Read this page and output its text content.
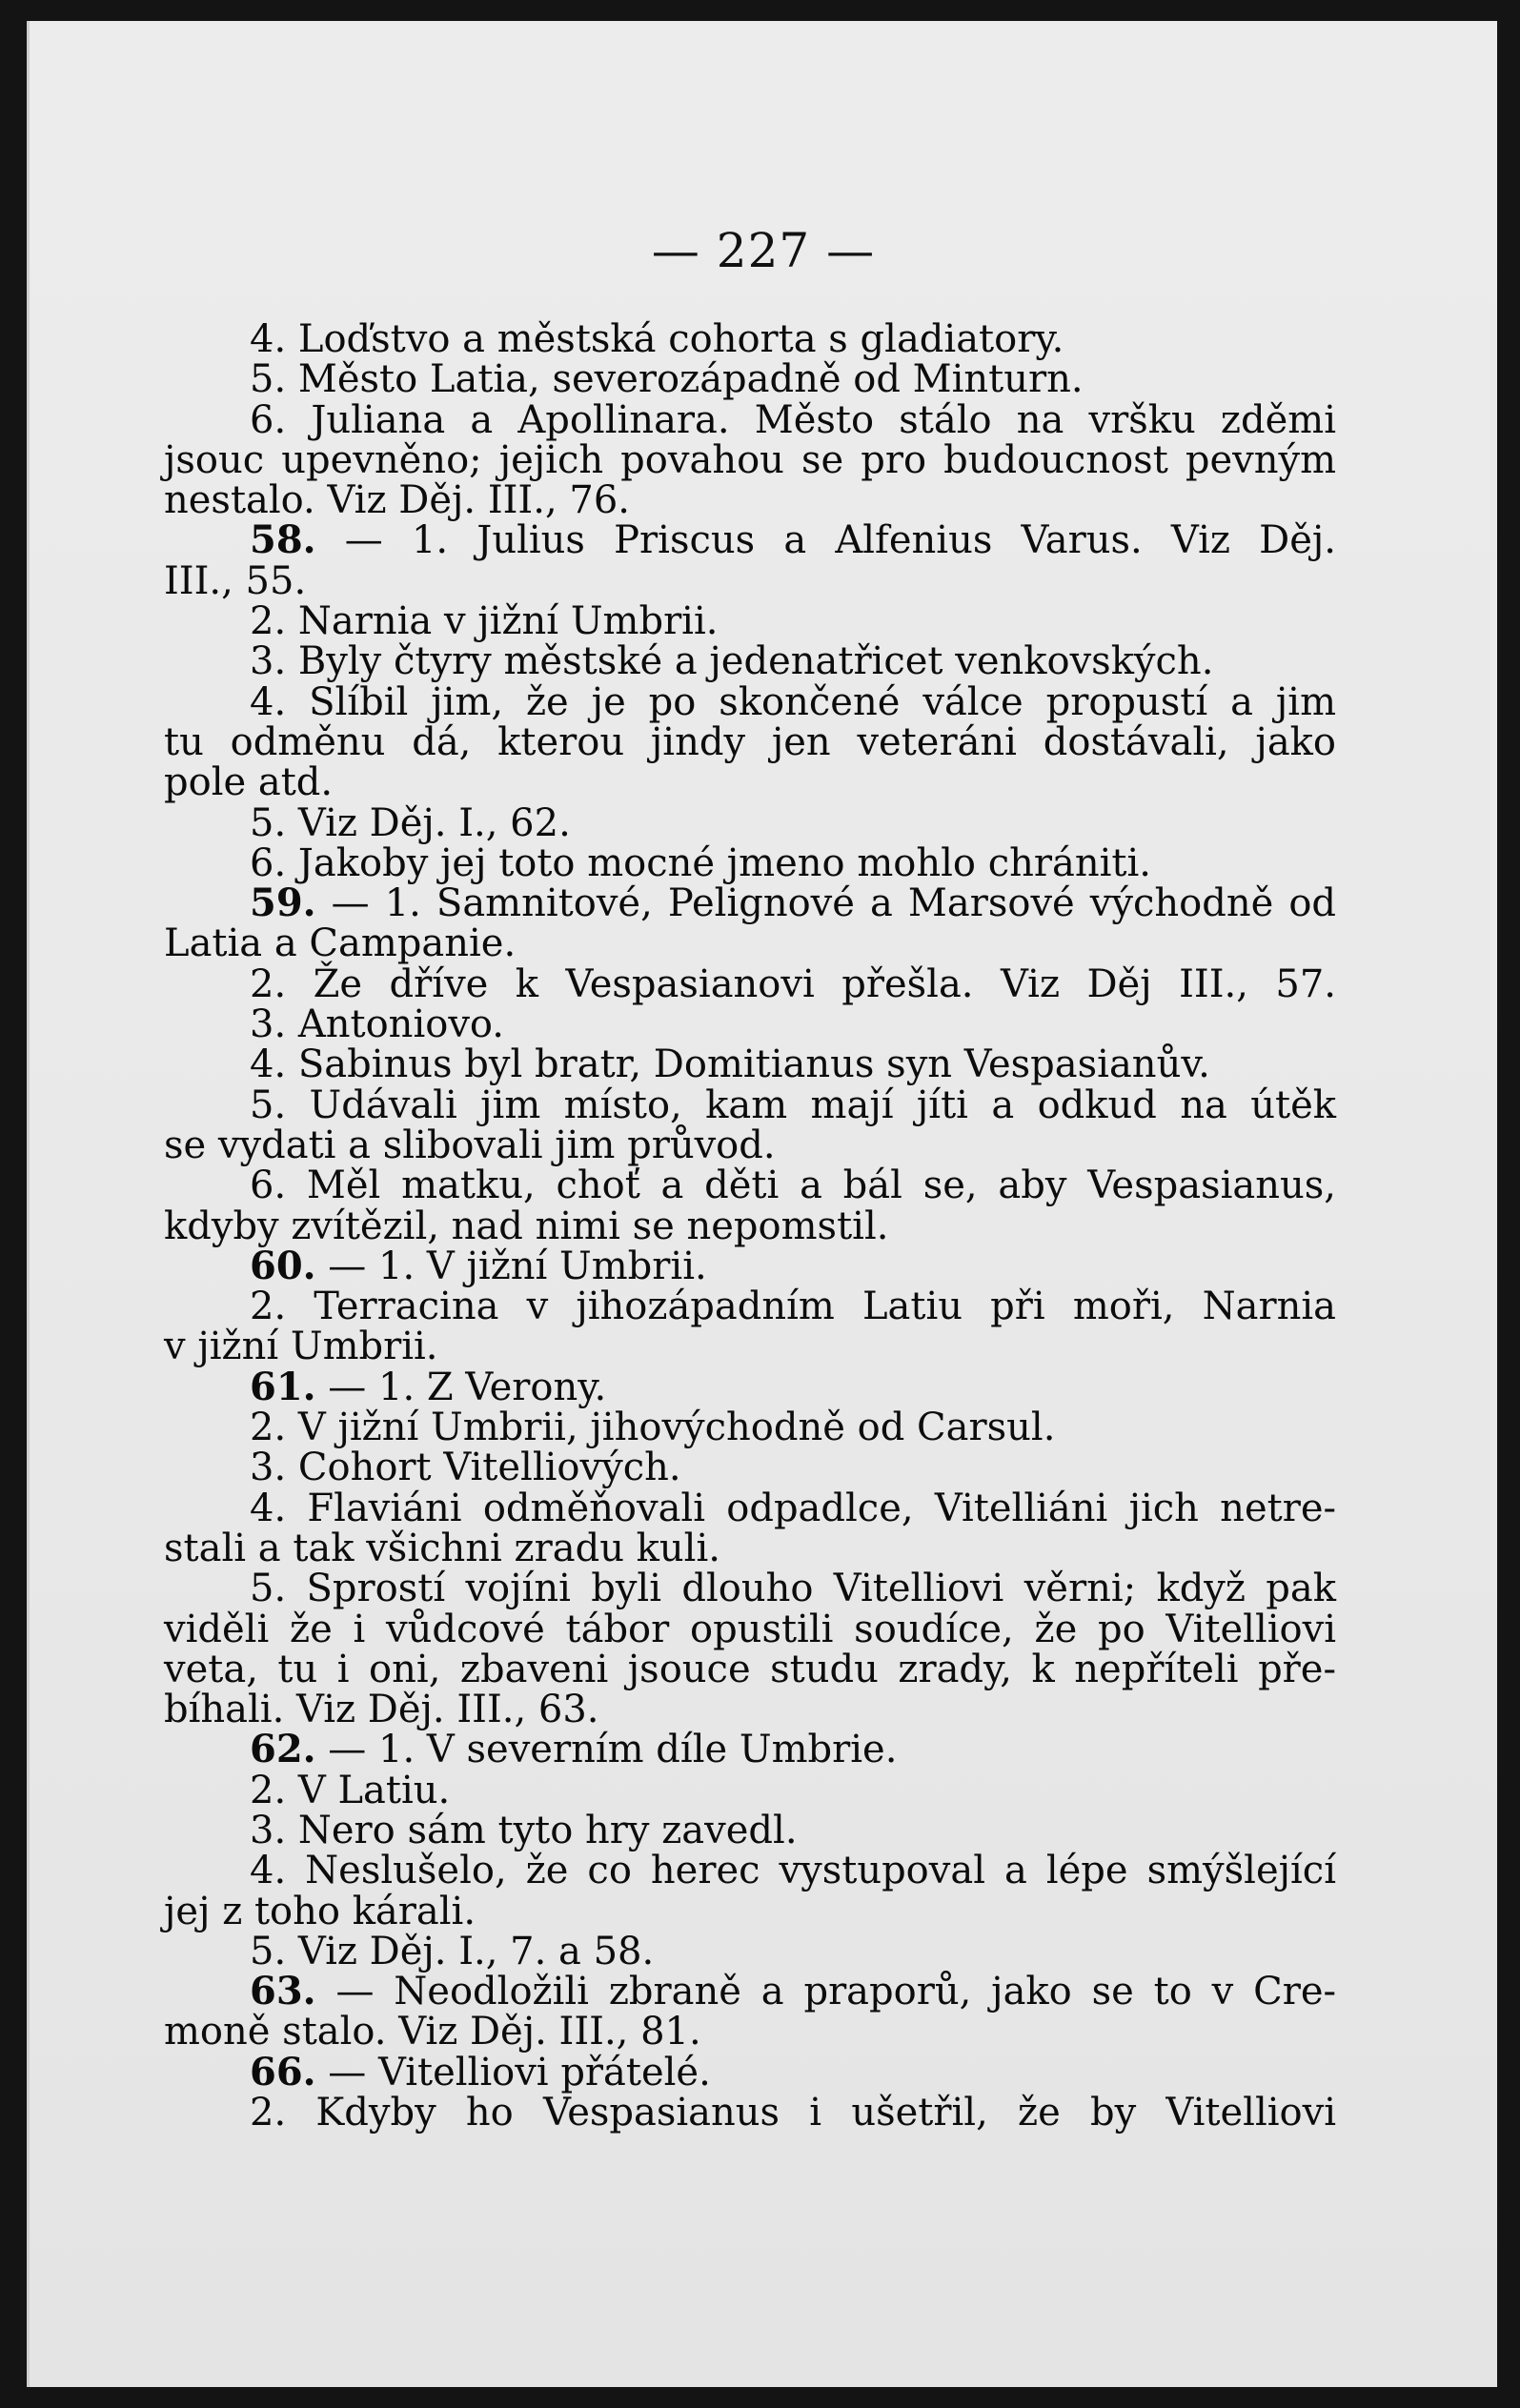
— 227 —
4. Loďstvo a městská cohorta s gladiatory.
5. Město Latia, severozápadně od Minturn.
6. Juliana a Apollinara. Město stálo na vršku zděmi
jsouc upevněno; jejich povahou se pro budoucnost pevným
nestalo. Viz Děj. III., 76.
58. — 1. Julius Priscus a Alfenius Varus. Viz Děj.
III., 55.
2. Narnia v jižní Umbrii.
3. Byly čtyry městské a jedenatřicet venkovských.
4. Slíbil jim, že je po skončené válce propustí a jim
tu odměnu dá, kterou jindy jen veteráni dostávali, jako
pole atd.
5. Viz Děj. I., 62.
6. Jakoby jej toto mocné jmeno mohlo chrániti.
59. — 1. Samnitové, Pelignové a Marsové východně od
Latia a Campanie.
2. Že dříve k Vespasianovi přešla. Viz Děj III., 57.
3. Antoniovo.
4. Sabinus byl bratr, Domitianus syn Vespasianův.
5. Udávali jim místo, kam mají jíti a odkud na útěk
se vydati a slibovali jim průvod.
6. Měl matku, choť a děti a bál se, aby Vespasianus,
kdyby zvítězil, nad nimi se nepomstil.
60. — 1. V jižní Umbrii.
2. Terracina v jihozápadním Latiu při moři, Narnia
v jižní Umbrii.
61. — 1. Z Verony.
2. V jižní Umbrii, jihovýchodně od Carsul.
3. Cohort Vitelliových.
4. Flaviáni odměňovali odpadlce, Vitelliáni jich netre-
stali a tak všichni zradu kuli.
5. Sprostí vojíni byli dlouho Vitelliovi věrni; když pak
viděli že i vůdcové tábor opustili soudíce, že po Vitelliovi
veta, tu i oni, zbaveni jsouce studu zrady, k nepříteli pře-
bíhali. Viz Děj. III., 63.
62. — 1. V severním díle Umbrie.
2. V Latiu.
3. Nero sám tyto hry zavedl.
4. Neslušelo, že co herec vystupoval a lépe smýšlející
jej z toho kárali.
5. Viz Děj. I., 7. a 58.
63. — Neodložili zbraně a praporů, jako se to v Cre-
moně stalo. Viz Děj. III., 81.
66. — Vitelliovi přátelé.
2. Kdyby ho Vespasianus i ušetřil, že by Vitelliovi
